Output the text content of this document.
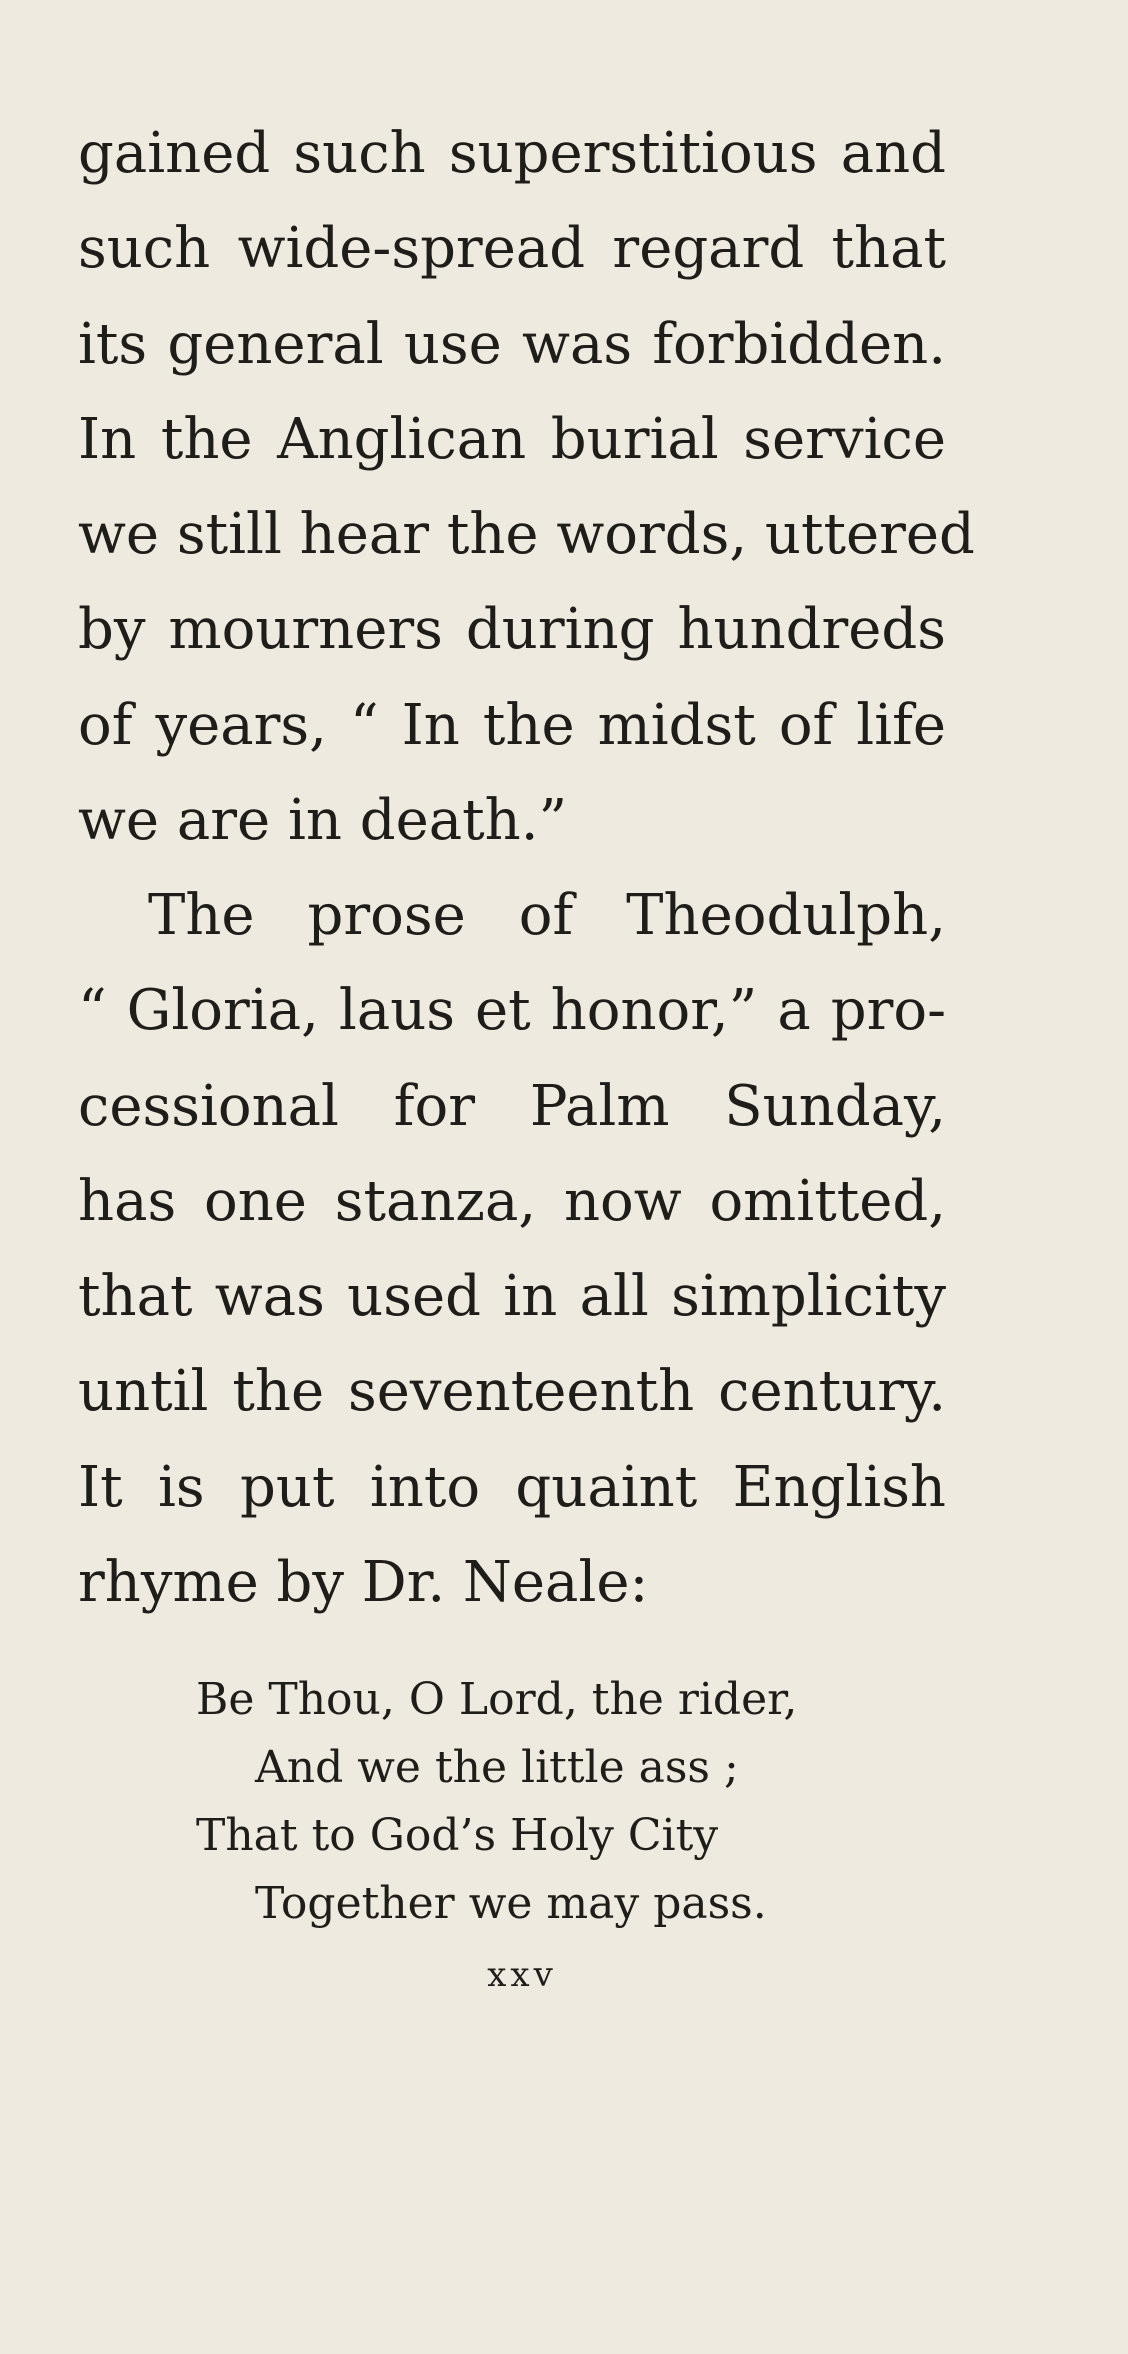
gained such superstitious and
such wide-spread regard that
its general use was forbidden.
In the Anglican burial service
we still hear the words, uttered
by mourners during hundreds
of years, “ In the midst of life
we are in death.”
The prose of Theodulph,
“ Gloria, laus et honor,” a pro-
cessional for Palm Sunday,
has one stanza, now omitted,
that was used in all simplicity
until the seventeenth century.
It is put into quaint English
rhyme by Dr. Neale:
Be Thou, O Lord, the rider,
And we the little ass ;
That to God’s Holy City
Together we may pass.
xxv
